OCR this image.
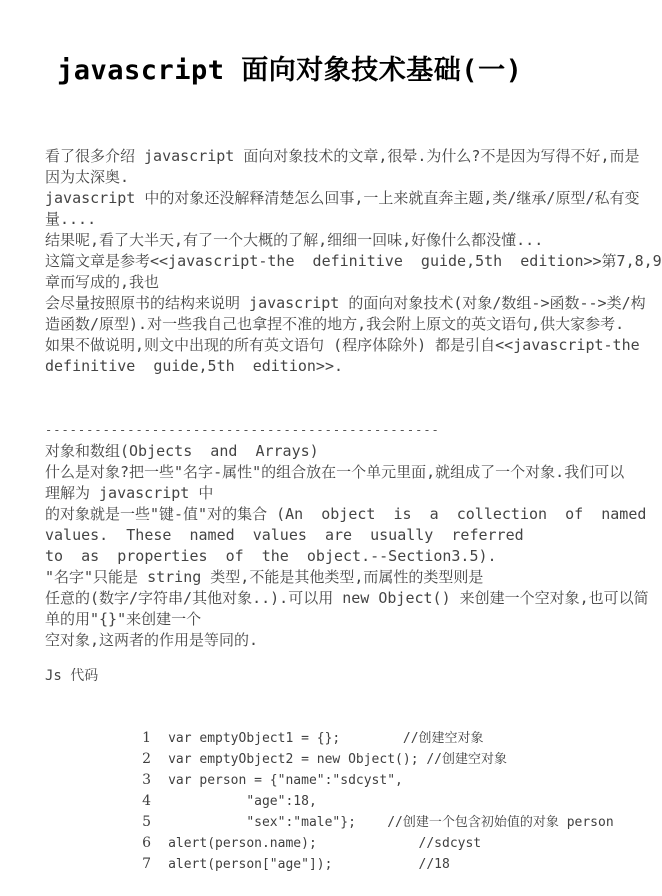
javascript 面向对象技术基础(一)
看了很多介绍 javascript 面向对象技术的文章,很晕.为什么?不是因为写得不好,而是
因为太深奥.
javascript 中的对象还没解释清楚怎么回事,一上来就直奔主题,类/继承/原型/私有变
量....
结果呢,看了大半天,有了一个大概的了解,细细一回味,好像什么都没懂...
这篇文章是参考<<javascript-the  definitive  guide,5th  edition>>第7,8,9
章而写成的,我也
会尽量按照原书的结构来说明 javascript 的面向对象技术(对象/数组->函数-->类/构
造函数/原型).对一些我自己也拿捏不准的地方,我会附上原文的英文语句,供大家参考.
如果不做说明,则文中出现的所有英文语句 (程序体除外) 都是引自<<javascript-the
definitive  guide,5th  edition>>.
------------------------------------------------
对象和数组(Objects  and  Arrays)
什么是对象?把一些"名字-属性"的组合放在一个单元里面,就组成了一个对象.我们可以
理解为 javascript 中
的对象就是一些"键-值"对的集合 (An  object  is  a  collection  of  named
values.  These  named  values  are  usually  referred
to  as  properties  of  the  object.--Section3.5).
"名字"只能是 string 类型,不能是其他类型,而属性的类型则是
任意的(数字/字符串/其他对象..).可以用 new Object() 来创建一个空对象,也可以简
单的用"{}"来创建一个
空对象,这两者的作用是等同的.
Js 代码

1 var emptyObject1 = {};        //创建空对象

2 var emptyObject2 = new Object(); //创建空对象

3 var person = {"name":"sdcyst",

4          "age":18,

5          "sex":"male"};    //创建一个包含初始值的对象 person

6 alert(person.name);             //sdcyst

7 alert(person["age"]);           //18
